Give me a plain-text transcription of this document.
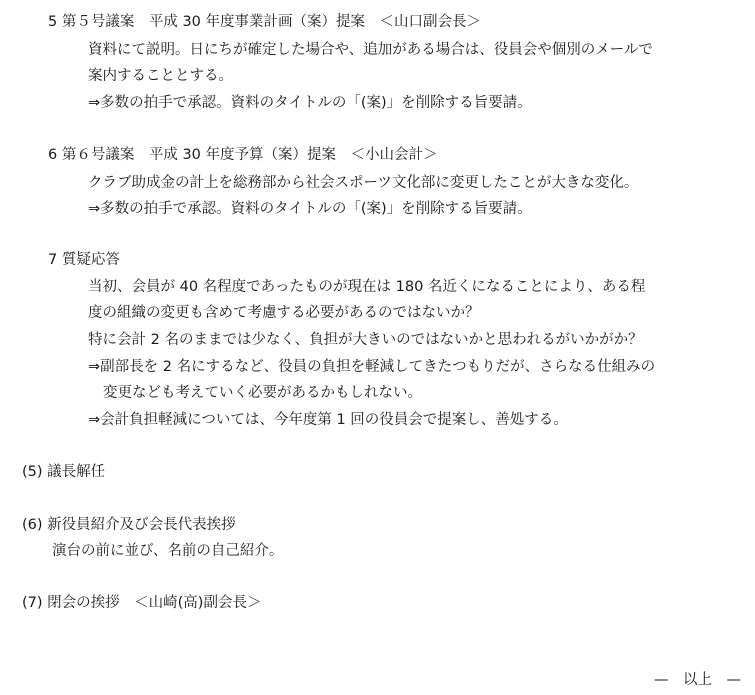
5 第５号議案　平成 30 年度事業計画（案）提案　＜山口副会長＞
資料にて説明。日にちが確定した場合や、追加がある場合は、役員会や個別のメールで
案内することとする。
⇒多数の拍手で承認。資料のタイトルの「(案)」を削除する旨要請。
6 第６号議案　平成 30 年度予算（案）提案　＜小山会計＞
クラブ助成金の計上を総務部から社会スポーツ文化部に変更したことが大きな変化。
⇒多数の拍手で承認。資料のタイトルの「(案)」を削除する旨要請。
7 質疑応答
当初、会員が 40 名程度であったものが現在は 180 名近くになることにより、ある程
度の組織の変更も含めて考慮する必要があるのではないか？
特に会計 2 名のままでは少なく、負担が大きいのではないかと思われるがいかがか？
⇒副部長を 2 名にするなど、役員の負担を軽減してきたつもりだが、さらなる仕組みの
変更なども考えていく必要があるかもしれない。
⇒会計負担軽減については、今年度第 1 回の役員会で提案し、善処する。
(5) 議長解任
(6) 新役員紹介及び会長代表挨拶
演台の前に並び、名前の自己紹介。
(7) 閉会の挨拶　＜山崎(高)副会長＞
—　以上　—
